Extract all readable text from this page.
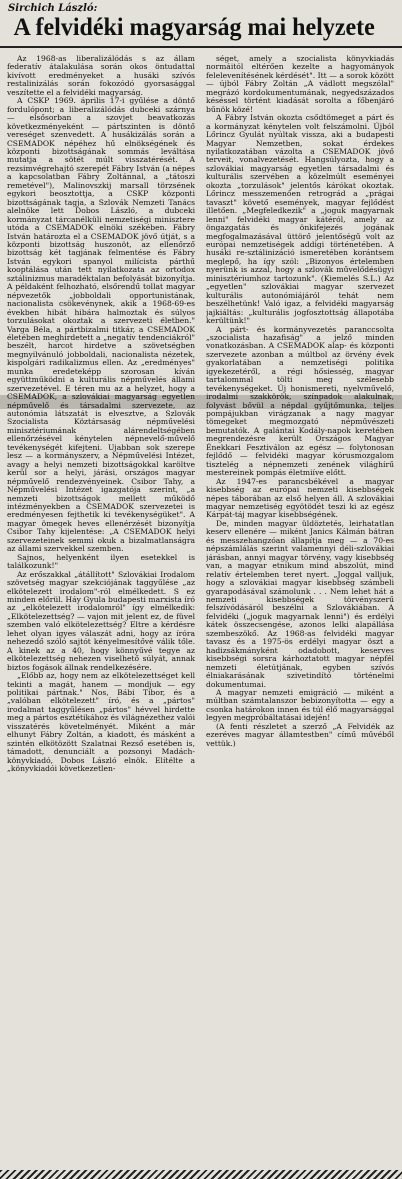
Sirchich László:
A felvidéki magyarság mai helyzete

Az 1968-as liberalizálódás s az állam federatív átalakulása során okos öntudattal kivívott eredményeket a husáki szívós restalinizálás során fokozódó gyorsasággal veszítette el a felvidéki magyarság.

A CSKP 1969. április 17-i gyűlése a döntő fordulópont; a liberalizálódás dubceki szárnya — elsősorban a szovjet beavatkozás következményeként — pártszinten is döntő vereséget szenvedett. A husákizálás során a CSEMADOK népéhez hű elnökségének és központi bizottságának sommás leváltása mutatja a sötét múlt visszatérését. A rezsimvégrehajtó szerepét Fábry István (a népes a kapcsolatban Fábry Zoltánnal, a „tátoszi remetével"), Malinovszkij marsall törzsének egykori beosztottja, a CSKP központi bizottságának tagja, a Szlovák Nemzeti Tanács alelnöke lett Dobos László, a dubceki kormányzat tárcanélküli nemzetiségi minisztere utóda a CSEMADOK elnöki székében. Fábry István határozta el a CSEMADOK jövő útját, s a központi bizottság huszonöt, az ellenőrző bizottság két tagjának felmentése és Fábry István egykori spanyol milícista párthű kooptálása után tett nyilatkozata az ortodox sztálinizmus maradéktalan befolyását bizonyítja. A példaként felhozható, elsőrendű tollat magyar népvezetők „jobboldali opportunistának, nacionalista csökevénynek, akik a 1968-69-es években hibát hibára halmoztak és súlyos torzulásokat okoztak a szervezeti életben." Varga Béla, a pártbizalmi titkár, a CSEMADOK életében meghirdetett a „negatív tendenciákról" beszélt, harcot hirdetve a szövetségben megnyilvánuló jobboldali, nacionalista nézetek, kispolgári radikalizmus ellen. Az „eredményes" munka eredeteképp szorosan kíván együttműködni a kulturális népművelés állami szervezetével. E téren mu az a helyzet, hogy a CSEMADOK, a szlovákiai magyarság egyetlen népművelő és társadalmi szervezete, az autonómia látszatát is elvesztve, a Szlovák Szocialista Köztársaság népművelési minisztériumának alárendeltségében ellenőrzésével kénytelen népnevelő-művelő tevékenységét kifejteni. Ujabban sok szerepe lesz — a kormányszerv, a Népművelési Intézet, avagy a helyi nemzeti bizottságokkal karöltve kerül sor a helyi, járási, országos magyar népművelő rendezvényeinek. Csibor Tahy, a Népművelési Intézet igazgatója szerint, „a nemzeti bizottságok mellett működő intézményekben a CSEMADOK szervezetei is eredményesen fejthetik ki tevékenységüket". A magyar ömegek heves ellenérzését bizonyítja Csibor Tahy kijelentése: „A CSEMADOK helyi szervezeteinek semmi okuk a bizalmatlanságra az állami szervekkel szemben.

Sajnos, helyenként ilyen esetekkel is találkozunk!"

Az erőszakkal „átállított" Szlovákiai Irodalom szövetség magyar szekciójának taggyűlése „az elkötelezett irodalom"-ról elmélkedett. S ez minden előrül. Háy Gyula budapesti marxista író az „elkötelezett irodalomról" így elmélkedik: „Elkötelezettség? — vajon mit jelent ez, de füvel szemben való elkötelezettség? Eltre a kérdésre lehet olyan igyes válaszát adni, hogy az íróra nehezedő szóló sajtót kényelmesítővé válik tőle. A kinek az a 40, hogy könnyűvé tegye az elkötelezettség nehezen viselhető súlyát, annak biztos fogások állnak rendelkezésére.

„Előbb az, hogy nem az elkötelezettséget kell tekinti a magát, hanem — mondjuk — egy politikai pártnak." Nos, Bábi Tibor, és a „valóban elkötelezett" író, és a „pártos" irodalmat taggyűlésen „pártos" hévvel hirdette meg a pártos esztétikához és világnézethez valói visszatérés követelményét. Miként a már elhunyt Fábry Zoltán, a kiadott, és másként a szintén elkötözött Szalatnai Rezső esetében is, támadott, denunciált a pozsonyi Madách-könyvkiadó, Dobos László elnök. Elítélte a „könyvkiadói következetlen-

séget, amely a szocialista könyvkiadás normáitól eltérően kezelte a hagyományok felelevenítésének kérdését". Itt — a sorok között — újból Fábry Zoltán „A vádlott megszólal" megrázó kordokumentumának, negyedszázados késéssel történt kiadását sorolta a főbenjáró bűnök közé!

A Fábry István okozta csődtömeget a párt és a kormányzat kénytelen volt felszámolni. Újból Lőrincz Gyulát nyúltak vissza, aki a budapesti Magyar Nemzetben, sokat érdekes nyilatkozatában vázolta a CSEMADOK jövő terveit, vonalvezetését. Hangsúlyozta, hogy a szlovákiai magyarság egyetlen társadalmi és kulturális szervében a közelmúlt eseményei okozta „torzulások" jelentős kárókat okoztak. Lőrincz messzemenően retrográd a „prágai tavaszt" követő események, magyar fejlődést illetően. „Megfeledkezik" a „joguk magyarnak lenni" felvidéki magyar kátéról, amely az öngazgatás és önkifejezés jogának megfogalmazásával üttörő jelentőségű volt az európai nemzetiségek addigi történetében. A husáki re-sztálinizáció ismeretében korántsem meglepő, ha így szól: „Bizonyos értelemben nyerünk is azzal, hogy a szlovák művelődésügyi minisztériumhoz tartozunk". (Kiemelés S.L.) Az „egyetlen" szlovákiai magyar szervezet kulturális autonómiájáról tehát nem beszélhetünk! Való igaz, a felvidéki magyarság jajkiáltás: „kulturális jogfosztottság állapotába kerültünk!"

A párt- és kormányvezetés paranccsolta „szocialista hazafiság" a jelző minden vonatkozásban. A CSEMADOK alap- és központi szervezete azonban a múltbol az örvény évek gyakorlatában a nemzetiségi politika igyekezetéről, a régi hősiesség, magyar tartalommal tölti meg szélesebb tevékenységeket. Új honismereti, nyelvművelő, irodalmi szakkörök, színpadok alakulnak, folyvást bővül a népdal gyűjtőmunka, teljes pompájukban virágzanak a nagy magyar tömegeket megmozgató népművészeti bemutatók. A galántai Kodály-napok keretében megrendezésre került Országos Magyar Énekkari Fesztiválon az egész — folytonosan fejlődő — felvidéki magyar kórusmozgalom tisztelég a népnemzeti zenének világhírű mestereinek pompás életmiíve előtt.

Az 1947-es parancsbékével a magyar kisebbség az európai nemzeti kisebbségek népes táborában az első helyen áll. A szlovákiai magyar nemzetiség egyötödét teszi ki az egész Kárpát-táj magyar kisebbségének.

De, minden magyar üldöztetés, leirhatatlan keserv ellenére — miként Janics Kálmán bátran és messzehangzóan állapítja meg — a 70-es népszámlálás szerint valamennyi déli-szlovákiai járásban, annyi magyar törvény, vagy kisebbség van, a magyar etnikum mind abszolút, mind relatív értelemben teret nyert. „Joggal valljuk, hogy a szlovákiai magyar kisebbség számbeli gyarapodásával számolunk . . . Nem lehet hát a nemzeti kisebbségek törvényszerű felszívódásáról beszélni a Szlovákiában. A felvidéki („joguk magyarnak lenni") és erdélyi kátek összecsengése, azonos lelki alapállása szembeszökő. Az 1968-as felvidéki magyar tavasz és a 1975-ös erdélyi magyar öszt a hadizsákmányként odadobott, keserves kisebbségi sorsra kárhoztatott magyar népfél nemzeti életútjának, egyben szívós élniakarásának szivetindító történelmi dokumentumai.

A magyar nemzeti emigráció — miként a múltban számtalanszor bebizonyította — egy a csonka határokon innen és túl élő magyarsággal legyen megpróbáltatásai idején!

(A fenti részletet a szerző „A Felvidék az ezeréves magyar államtestben" című művéből vettük.)
